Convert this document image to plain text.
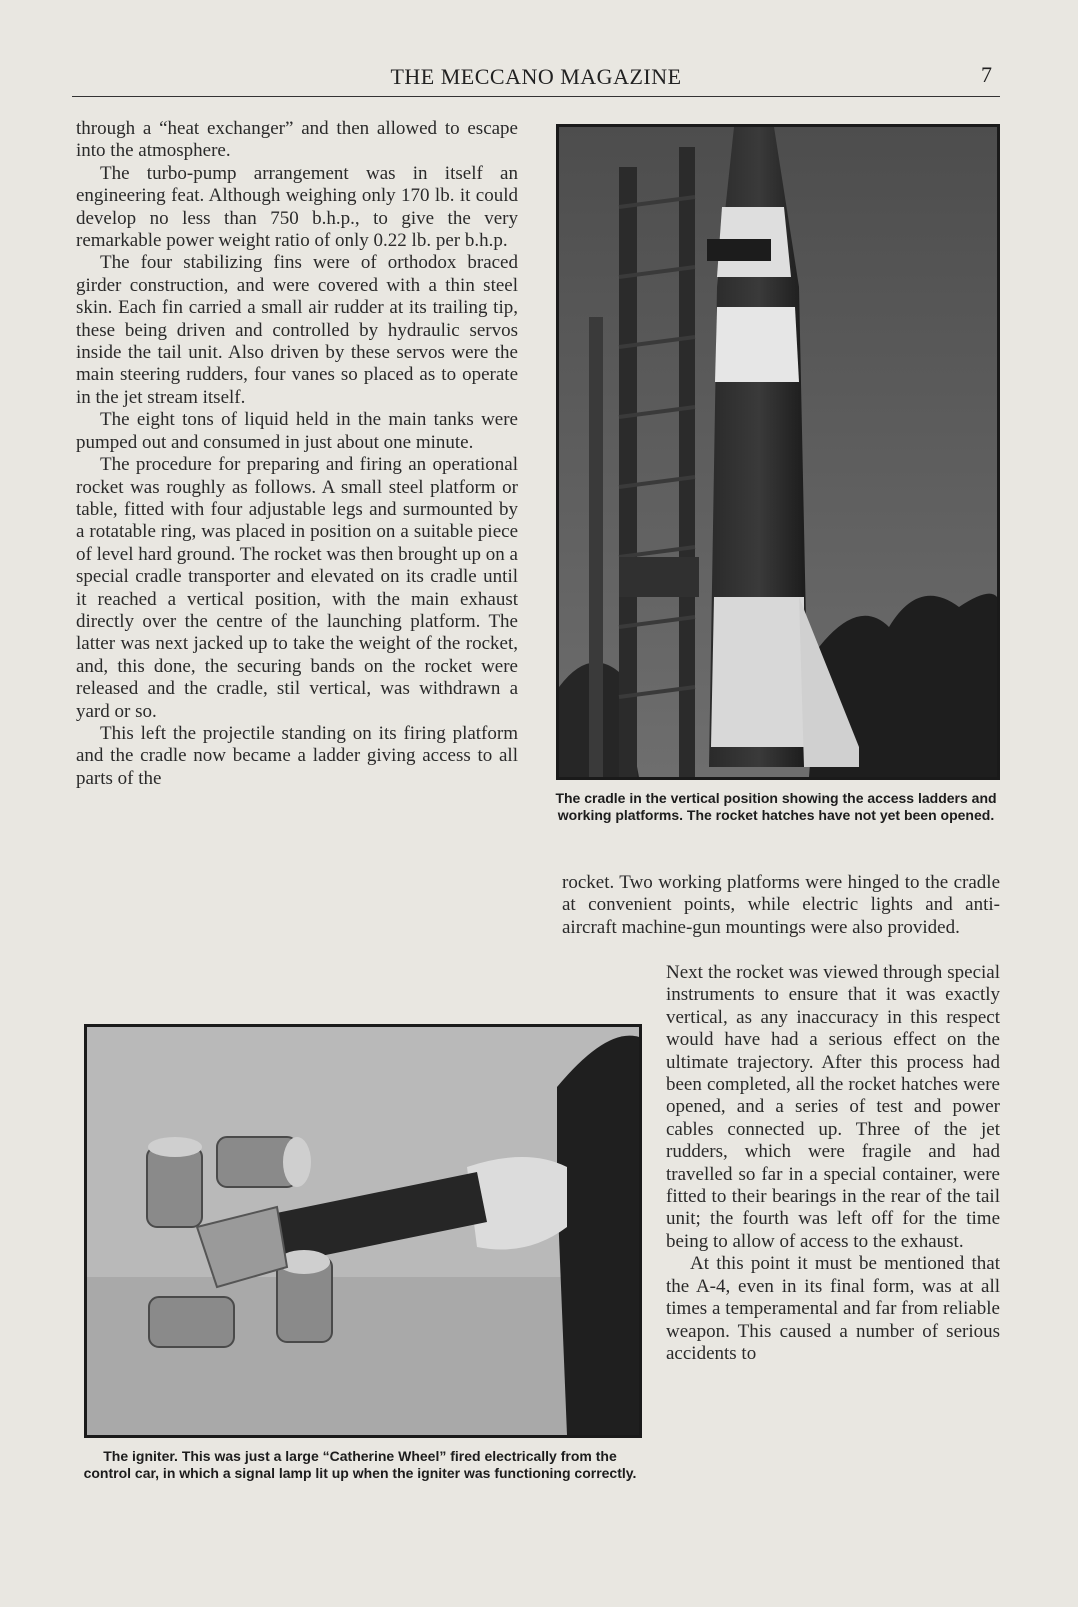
THE MECCANO MAGAZINE	7

through a “heat exchanger” and then allowed to escape into the atmosphere.

The turbo-pump arrangement was in itself an engineering feat. Although weighing only 170 lb. it could develop no less than 750 b.h.p., to give the very remarkable power weight ratio of only 0.22 lb. per b.h.p.

The four stabilizing fins were of orthodox braced girder construction, and were covered with a thin steel skin. Each fin carried a small air rudder at its trailing tip, these being driven and controlled by hydraulic servos inside the tail unit. Also driven by these servos were the main steering rudders, four vanes so placed as to operate in the jet stream itself.

The eight tons of liquid held in the main tanks were pumped out and consumed in just about one minute.

The procedure for preparing and firing an operational rocket was roughly as follows. A small steel platform or table, fitted with four adjustable legs and surmounted by a rotatable ring, was placed in position on a suitable piece of level hard ground. The rocket was then brought up on a special cradle transporter and elevated on its cradle until it reached a vertical position, with the main exhaust directly over the centre of the launching platform. The latter was next jacked up to take the weight of the rocket, and, this done, the securing bands on the rocket were released and the cradle, stil vertical, was withdrawn a yard or so.

This left the projectile standing on its firing platform and the cradle now became a ladder giving access to all parts of the

The cradle in the vertical position showing the access ladders and working platforms. The rocket hatches have not yet been opened.

rocket. Two working platforms were hinged to the cradle at convenient points, while electric lights and anti-aircraft machine-gun mountings were also provided.

Next the rocket was viewed through special instruments to ensure that it was exactly vertical, as any inaccuracy in this respect would have had a serious effect on the ultimate trajectory. After this process had been completed, all the rocket hatches were opened, and a series of test and power cables connected up. Three of the jet rudders, which were fragile and had travelled so far in a special container, were fitted to their bearings in the rear of the tail unit; the fourth was left off for the time being to allow of access to the exhaust.

At this point it must be mentioned that the A-4, even in its final form, was at all times a temperamental and far from reliable weapon. This caused a number of serious accidents to

The igniter. This was just a large “Catherine Wheel” fired electrically from the control car, in which a signal lamp lit up when the igniter was functioning correctly.
